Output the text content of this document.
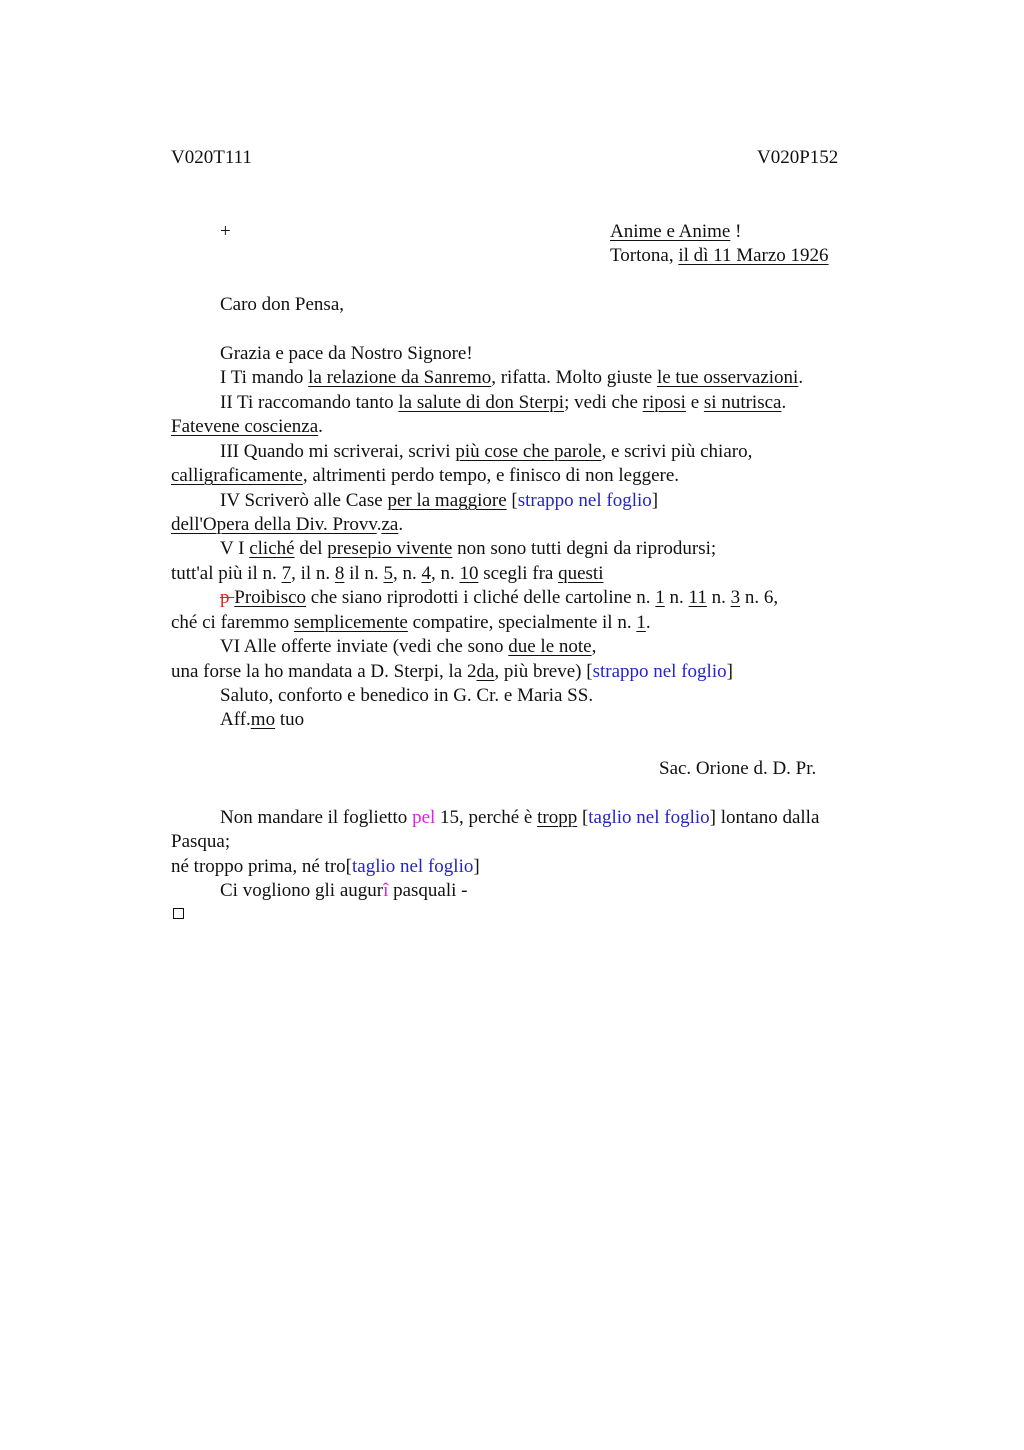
V020T111	V020P152
+	Anime e Anime !
Tortona, il dì 11 Marzo 1926
Caro don Pensa,
Grazia e pace da Nostro Signore!
I Ti mando la relazione da Sanremo, rifatta. Molto giuste le tue osservazioni.
II Ti raccomando tanto la salute di don Sterpi; vedi che riposi e si nutrisca.
Fatevene coscienza.
III Quando mi scriverai, scrivi più cose che parole, e scrivi più chiaro,
calligraficamente, altrimenti perdo tempo, e finisco di non leggere.
IV Scriverò alle Case per la maggiore [strappo nel foglio]
dell'Opera della Div. Provv.za.
V I cliché del presepio vivente non sono tutti degni da riprodursi;
tutt'al più il n. 7, il n. 8 il n. 5, n. 4, n. 10 scegli fra questi
p Proibisco che siano riprodotti i cliché delle cartoline n. 1 n. 11 n. 3 n. 6,
ché ci faremmo semplicemente compatire, specialmente il n. 1.
VI Alle offerte inviate (vedi che sono due le note,
una forse la ho mandata a D. Sterpi, la 2da, più breve) [strappo nel foglio]
Saluto, conforto e benedico in G. Cr. e Maria SS.
Aff.mo tuo
Sac. Orione d. D. Pr.
Non mandare il foglietto pel 15, perché è tropp [taglio nel foglio] lontano dalla
Pasqua;
né troppo prima, né tro[taglio nel foglio]
Ci vogliono gli augurî pasquali -
